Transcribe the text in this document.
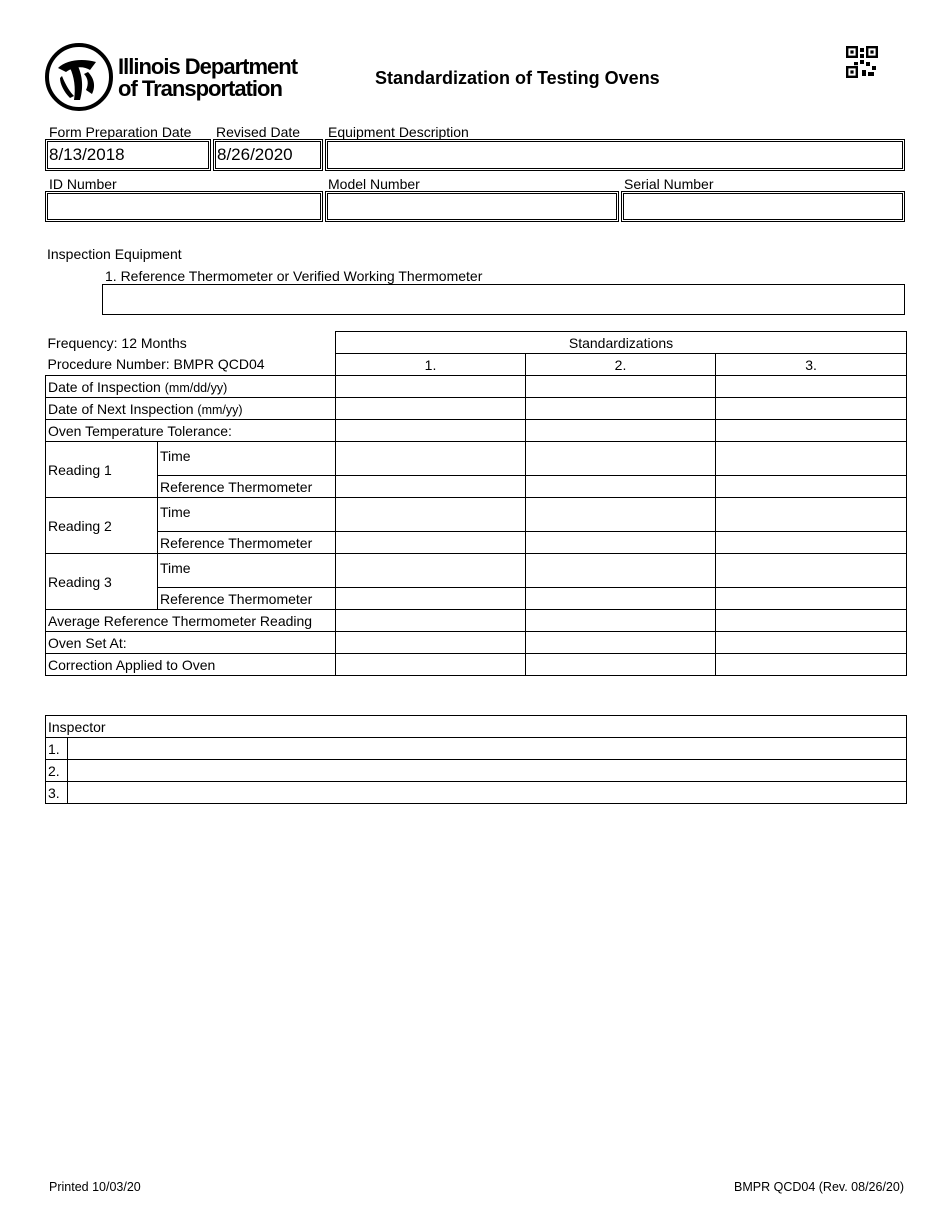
Illinois Department
of Transportation	Standardization of Testing Ovens
Form Preparation Date Revised Date Equipment Description
8/13/2018	8/26/2020
ID Number	Model Number	Serial Number
Inspection Equipment
1. Reference Thermometer or Verified Working Thermometer
Frequency: 12 Months		Standardizations		
Procedure Number: BMPR QCD04		1.	2.	3.
Date of Inspection (mm/dd/yy)				
Date of Next Inspection (mm/yy)				
Oven Temperature Tolerance:				
Reading 1	Time			
	Reference Thermometer			
Reading 2	Time			
	Reference Thermometer			
Reading 3	Time			
	Reference Thermometer			
Average Reference Thermometer Reading				
Oven Set At:				
Correction Applied to Oven				
Inspector	
1.	
2.	
3.	
Printed 10/03/20	BMPR QCD04 (Rev. 08/26/20)
